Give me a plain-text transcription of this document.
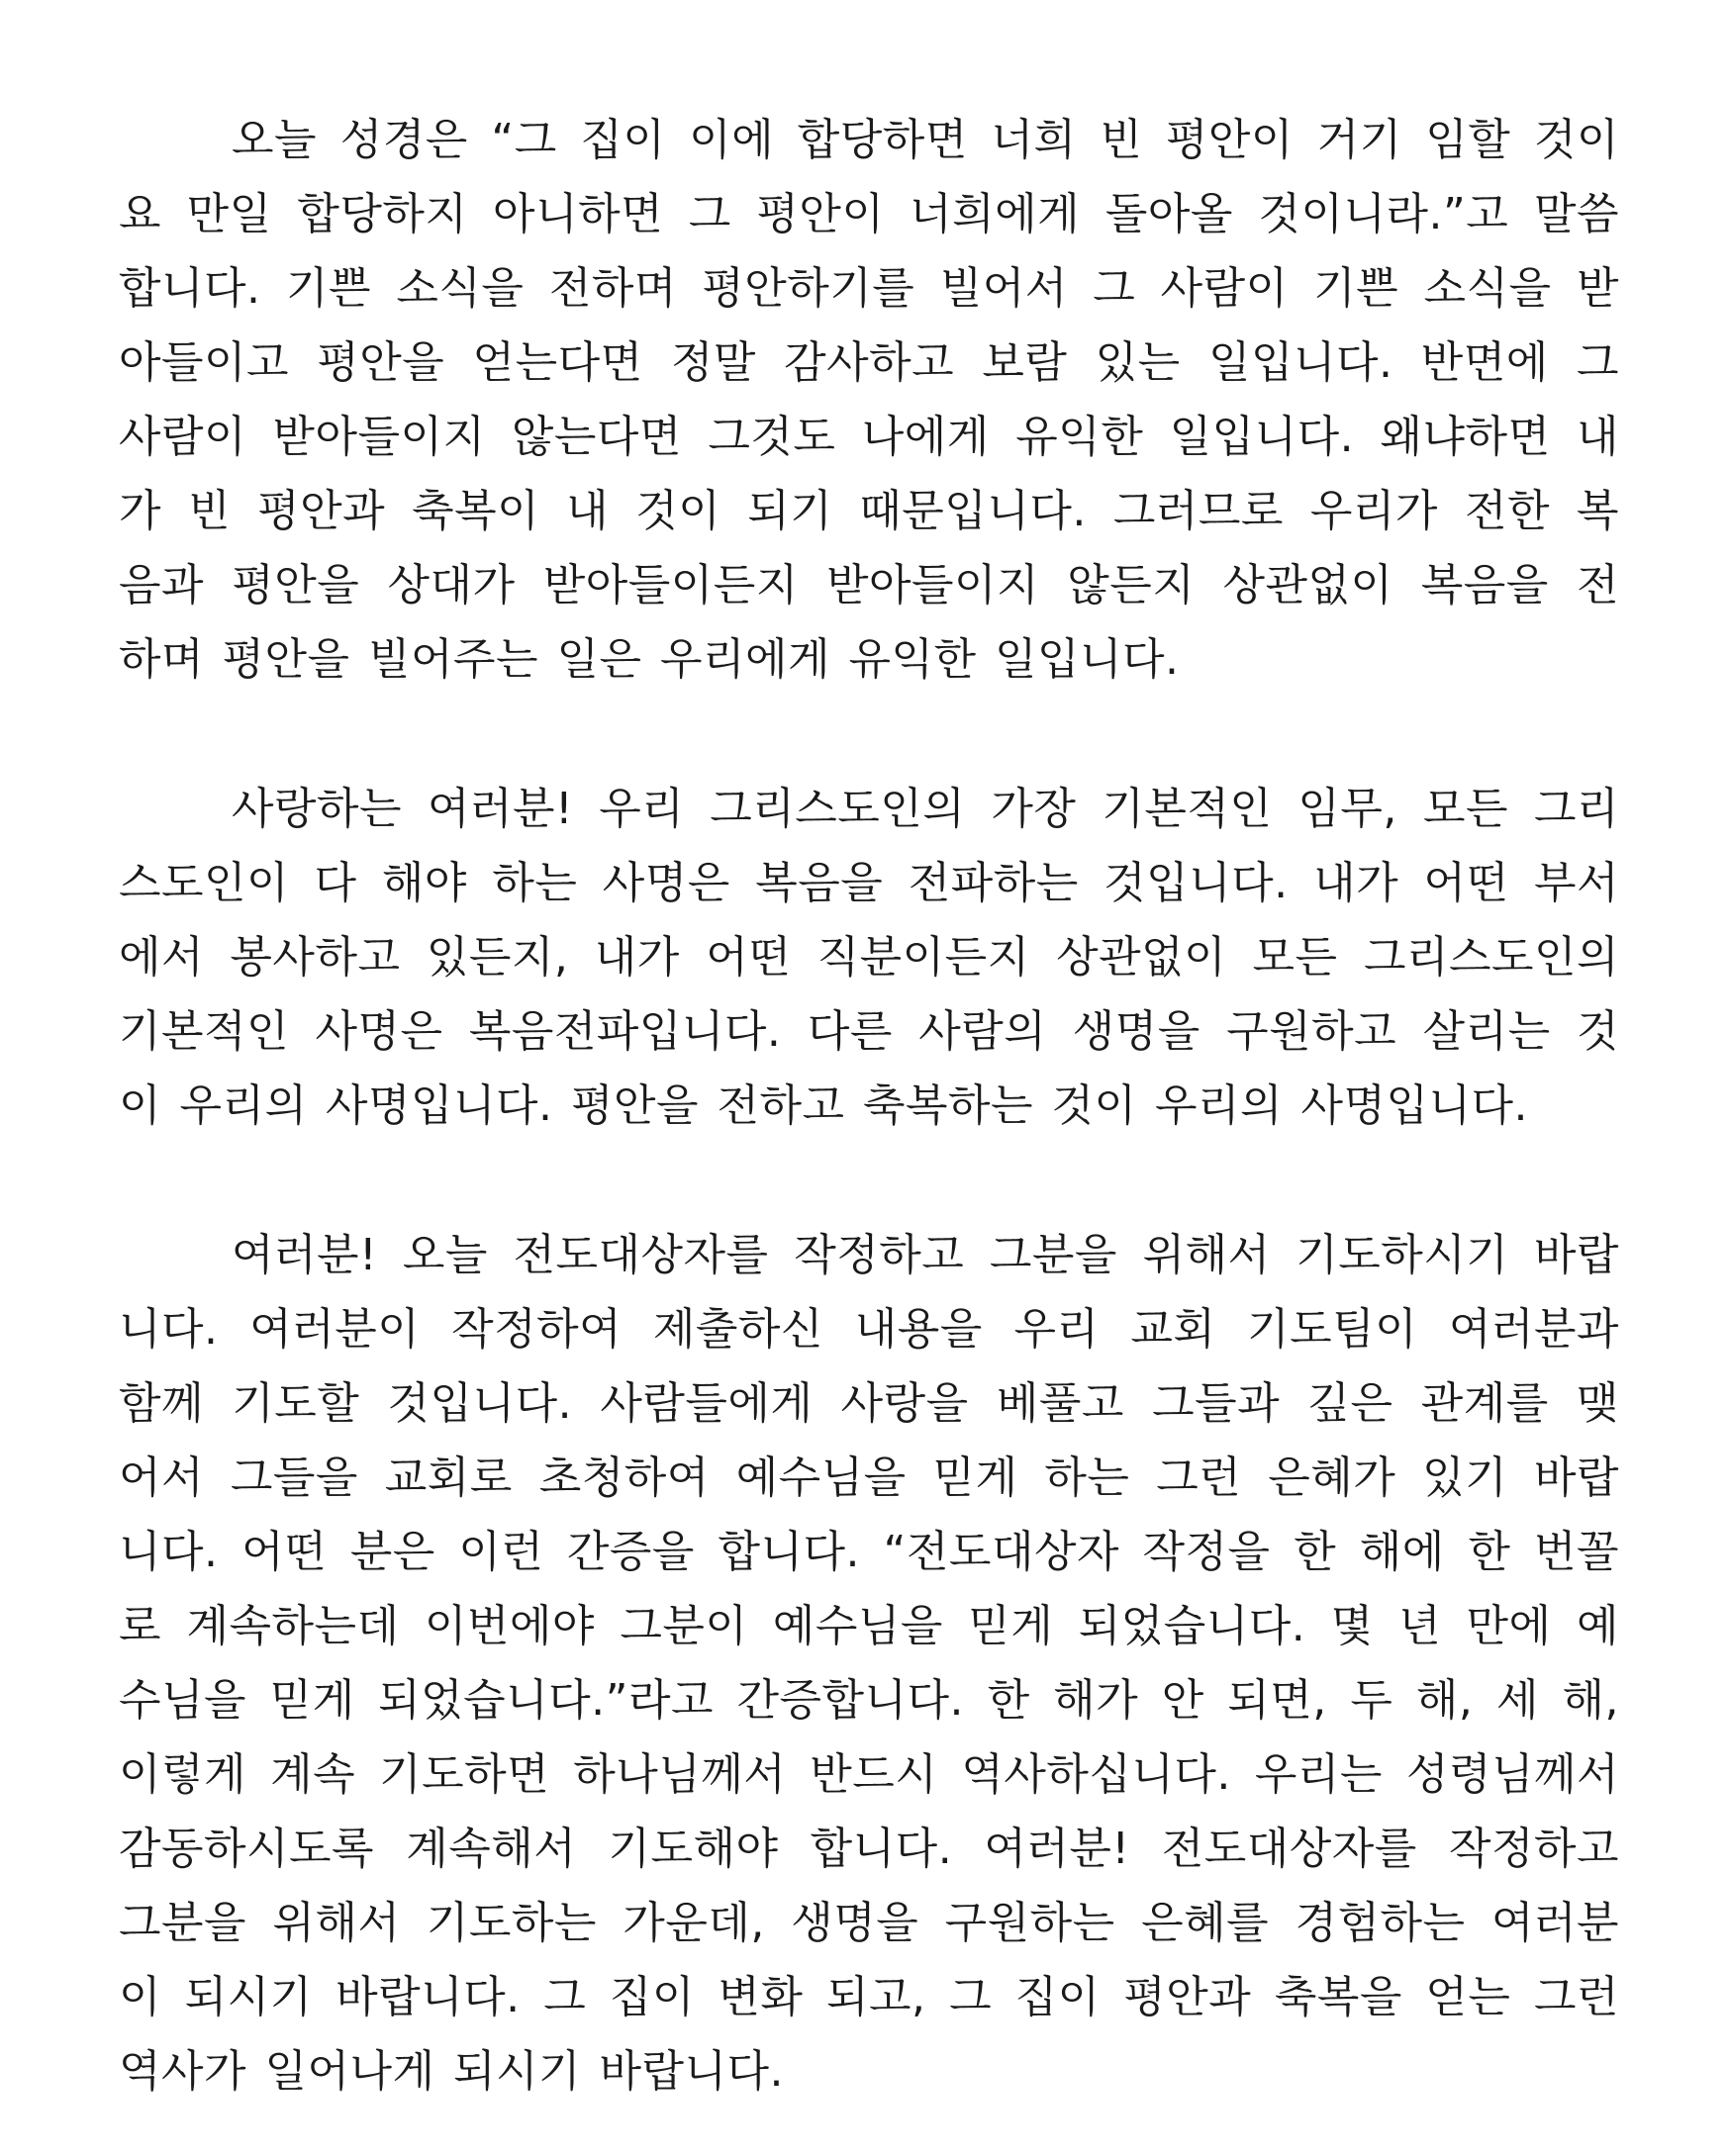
오늘 성경은 “그 집이 이에 합당하면 너희 빈 평안이 거기 임할 것이
요 만일 합당하지 아니하면 그 평안이 너희에게 돌아올 것이니라.”고 말씀
합니다. 기쁜 소식을 전하며 평안하기를 빌어서 그 사람이 기쁜 소식을 받
아들이고 평안을 얻는다면 정말 감사하고 보람 있는 일입니다. 반면에 그
사람이 받아들이지 않는다면 그것도 나에게 유익한 일입니다. 왜냐하면 내
가 빈 평안과 축복이 내 것이 되기 때문입니다. 그러므로 우리가 전한 복
음과 평안을 상대가 받아들이든지 받아들이지 않든지 상관없이 복음을 전
하며 평안을 빌어주는 일은 우리에게 유익한 일입니다.
사랑하는 여러분! 우리 그리스도인의 가장 기본적인 임무, 모든 그리
스도인이 다 해야 하는 사명은 복음을 전파하는 것입니다. 내가 어떤 부서
에서 봉사하고 있든지, 내가 어떤 직분이든지 상관없이 모든 그리스도인의
기본적인 사명은 복음전파입니다. 다른 사람의 생명을 구원하고 살리는 것
이 우리의 사명입니다. 평안을 전하고 축복하는 것이 우리의 사명입니다.
여러분! 오늘 전도대상자를 작정하고 그분을 위해서 기도하시기 바랍
니다. 여러분이 작정하여 제출하신 내용을 우리 교회 기도팀이 여러분과
함께 기도할 것입니다. 사람들에게 사랑을 베풀고 그들과 깊은 관계를 맺
어서 그들을 교회로 초청하여 예수님을 믿게 하는 그런 은혜가 있기 바랍
니다. 어떤 분은 이런 간증을 합니다. “전도대상자 작정을 한 해에 한 번꼴
로 계속하는데 이번에야 그분이 예수님을 믿게 되었습니다. 몇 년 만에 예
수님을 믿게 되었습니다.”라고 간증합니다. 한 해가 안 되면, 두 해, 세 해,
이렇게 계속 기도하면 하나님께서 반드시 역사하십니다. 우리는 성령님께서
감동하시도록 계속해서 기도해야 합니다. 여러분! 전도대상자를 작정하고
그분을 위해서 기도하는 가운데, 생명을 구원하는 은혜를 경험하는 여러분
이 되시기 바랍니다. 그 집이 변화 되고, 그 집이 평안과 축복을 얻는 그런
역사가 일어나게 되시기 바랍니다.
